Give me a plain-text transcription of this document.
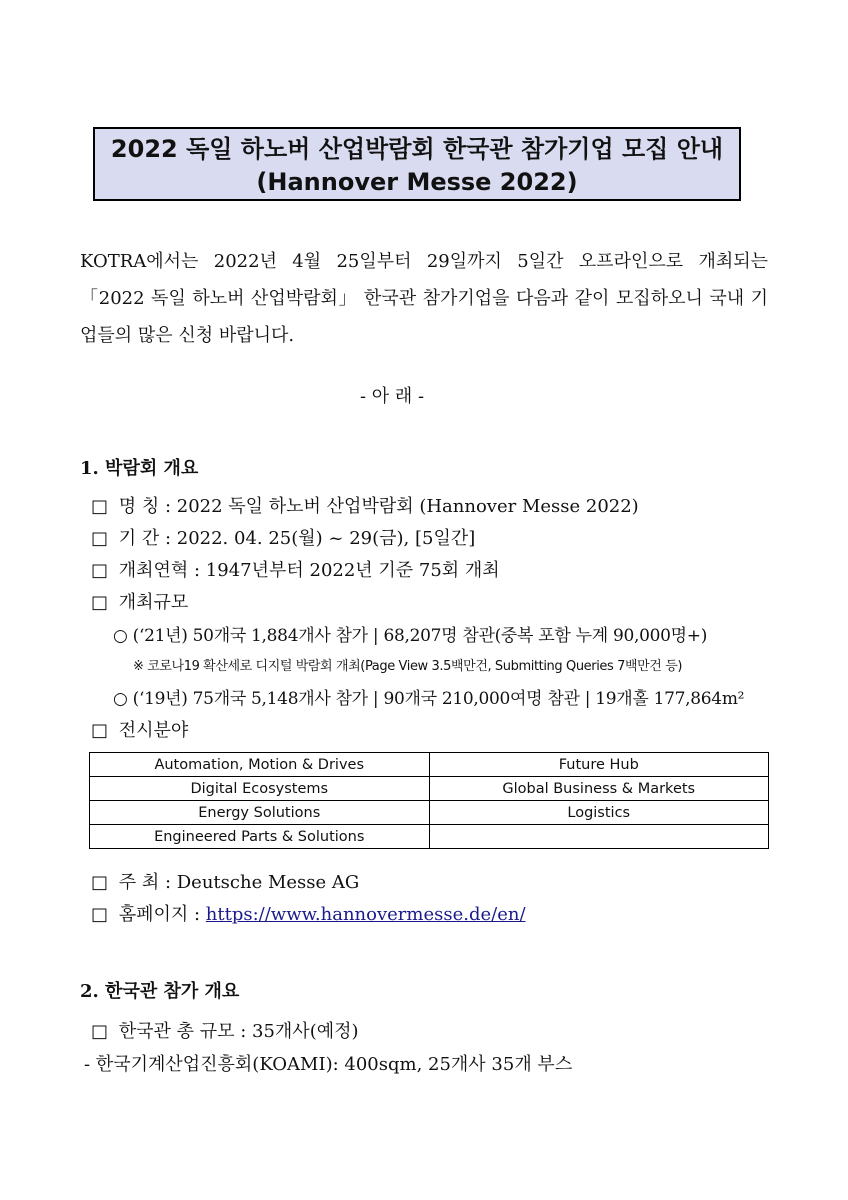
2022 독일 하노버 산업박람회 한국관 참가기업 모집 안내
(Hannover Messe 2022)
KOTRA에서는 2022년 4월 25일부터 29일까지 5일간 오프라인으로 개최되는
「2022 독일 하노버 산업박람회」 한국관 참가기업을 다음과 같이 모집하오니 국내 기
업들의 많은 신청 바랍니다.
- 아 래 -
1. 박람회 개요
□ 명 칭 : 2022 독일 하노버 산업박람회 (Hannover Messe 2022)
□ 기 간 : 2022. 04. 25(월) ~ 29(금), [5일간]
□ 개최연혁 : 1947년부터 2022년 기준 75회 개최
□ 개최규모
○ (‘21년) 50개국 1,884개사 참가 | 68,207명 참관(중복 포함 누계 90,000명+)
※ 코로나19 확산세로 디지털 박람회 개최(Page View 3.5백만건, Submitting Queries 7백만건 등)
○ (‘19년) 75개국 5,148개사 참가 | 90개국 210,000여명 참관 | 19개홀 177,864m²
□ 전시분야
Automation, Motion & Drives	Future Hub
Digital Ecosystems	Global Business & Markets
Energy Solutions	Logistics
Engineered Parts & Solutions	
□ 주 최 : Deutsche Messe AG
□ 홈페이지 : https://www.hannovermesse.de/en/
2. 한국관 참가 개요
□ 한국관 총 규모 : 35개사(예정)
- 한국기계산업진흥회(KOAMI): 400sqm, 25개사 35개 부스
